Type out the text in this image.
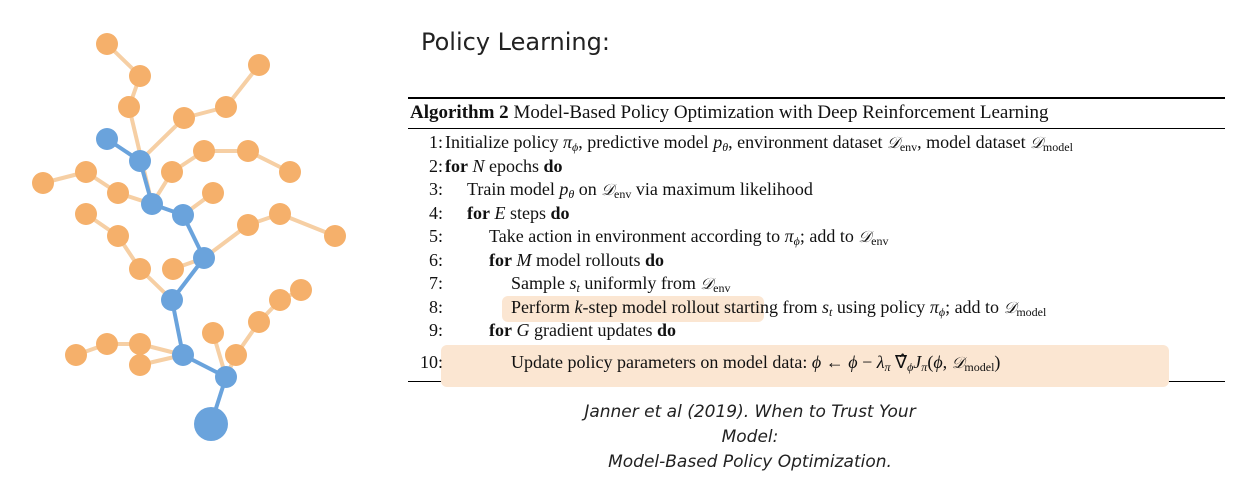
Policy Learning:
Algorithm 2 Model-Based Policy Optimization with Deep Reinforcement Learning
1: Initialize policy $\pi_\phi$, predictive model $p_\theta$, environment dataset 𝒟$_{env}$, model dataset 𝒟$_{model}$
2: for N epochs do
3: Train model $p_\theta$ on 𝒟$_{env}$ via maximum likelihood
4: for E steps do
5:	Take action in environment according to $\pi_\phi$; add to 𝒟$_{env}$
6:	for M model rollouts do
7:	Sample $s_t$ uniformly from 𝒟$_{env}$
8:	Perform k-step model rollout starting from $s_t$ using policy $\pi_\phi$; add to 𝒟$_{model}$
9:	for G gradient updates do
10:	Update policy parameters on model data: ϕ ← $\phi - \lambda_\pi$ $\nablâ_\phi J_\pi(\phi$, 𝒟$_{model}$)
Janner et al (2019). When to Trust Your Model:
Model-Based Policy Optimization.
